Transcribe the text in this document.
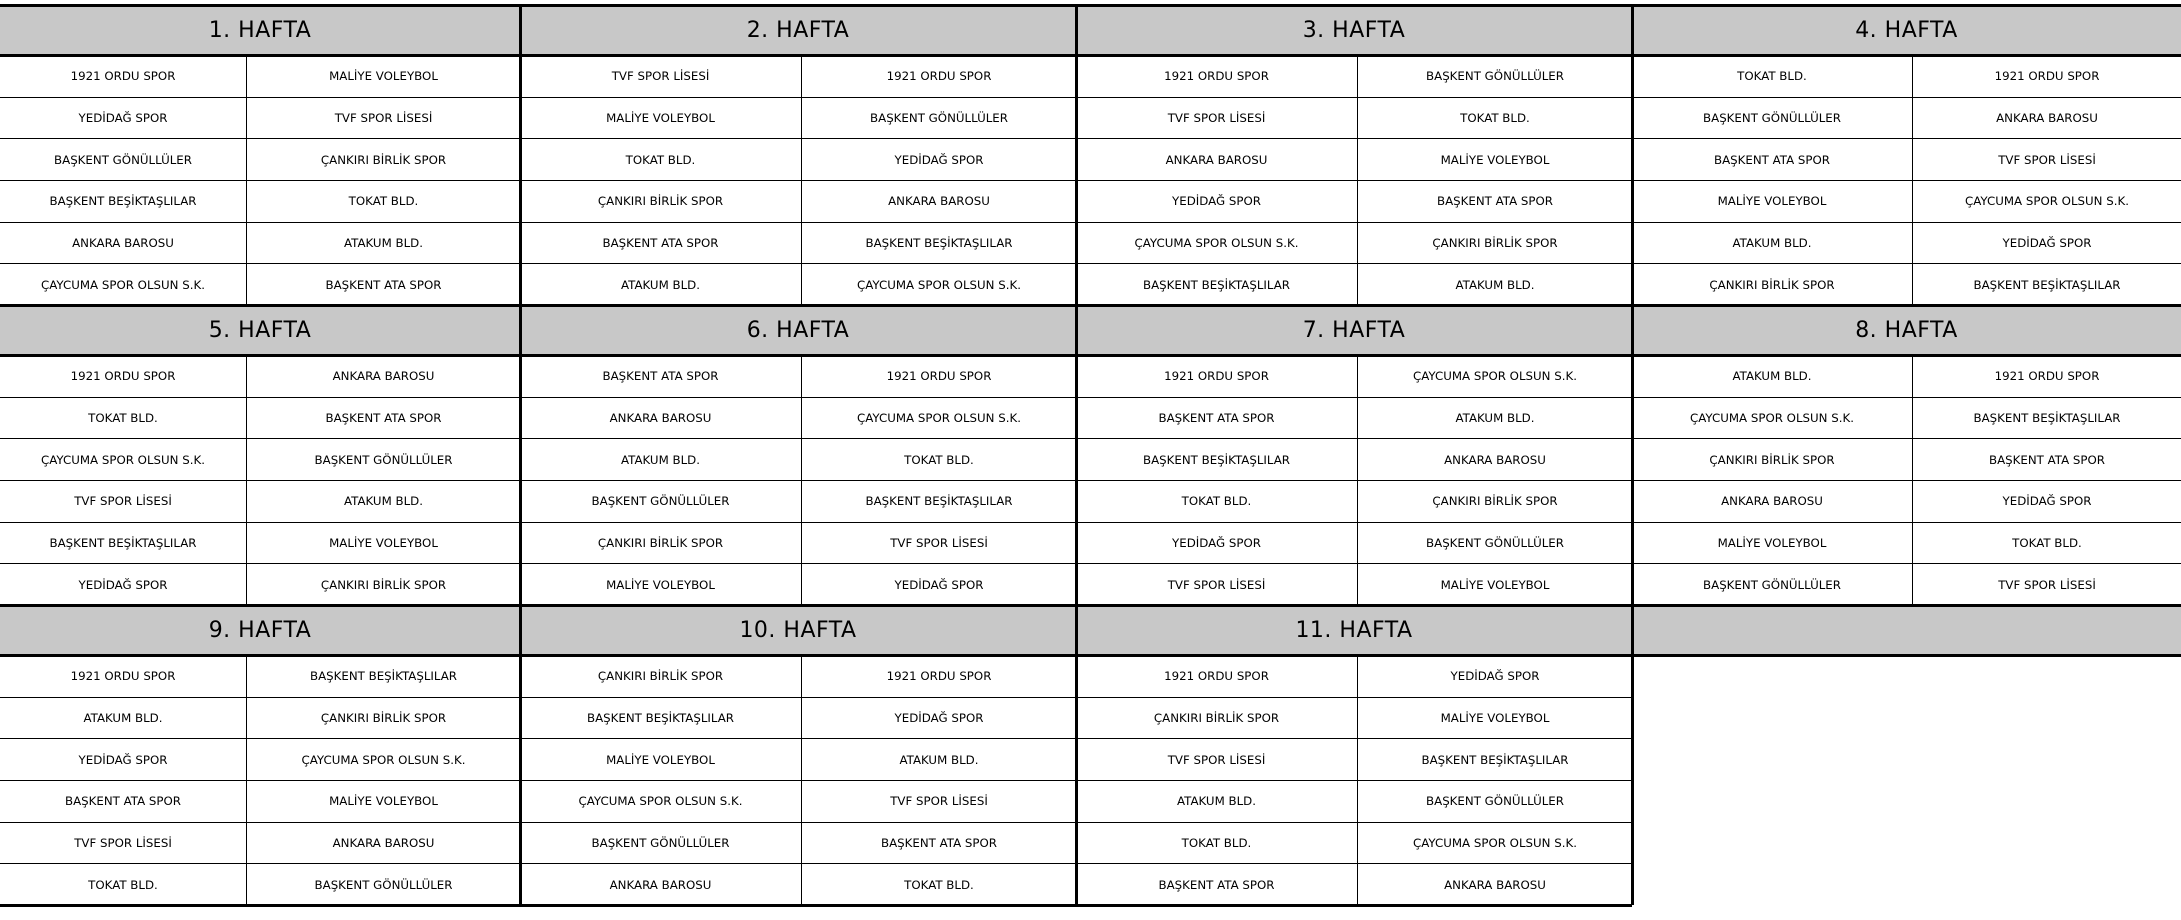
1. HAFTA
1921 ORDU SPOR	MALİYE VOLEYBOL
YEDİDAĞ SPOR	TVF SPOR LİSESİ
BAŞKENT GÖNÜLLÜLER	ÇANKIRI BİRLİK SPOR
BAŞKENT BEŞİKTAŞLILAR	TOKAT BLD.
ANKARA BAROSU	ATAKUM BLD.
ÇAYCUMA SPOR OLSUN S.K.	BAŞKENT ATA SPOR
2. HAFTA
TVF SPOR LİSESİ	1921 ORDU SPOR
MALİYE VOLEYBOL	BAŞKENT GÖNÜLLÜLER
TOKAT BLD.	YEDİDAĞ SPOR
ÇANKIRI BİRLİK SPOR	ANKARA BAROSU
BAŞKENT ATA SPOR	BAŞKENT BEŞİKTAŞLILAR
ATAKUM BLD.	ÇAYCUMA SPOR OLSUN S.K.
3. HAFTA
1921 ORDU SPOR	BAŞKENT GÖNÜLLÜLER
TVF SPOR LİSESİ	TOKAT BLD.
ANKARA BAROSU	MALİYE VOLEYBOL
YEDİDAĞ SPOR	BAŞKENT ATA SPOR
ÇAYCUMA SPOR OLSUN S.K.	ÇANKIRI BİRLİK SPOR
BAŞKENT BEŞİKTAŞLILAR	ATAKUM BLD.
4. HAFTA
TOKAT BLD.	1921 ORDU SPOR
BAŞKENT GÖNÜLLÜLER	ANKARA BAROSU
BAŞKENT ATA SPOR	TVF SPOR LİSESİ
MALİYE VOLEYBOL	ÇAYCUMA SPOR OLSUN S.K.
ATAKUM BLD.	YEDİDAĞ SPOR
ÇANKIRI BİRLİK SPOR	BAŞKENT BEŞİKTAŞLILAR
5. HAFTA
1921 ORDU SPOR	ANKARA BAROSU
TOKAT BLD.	BAŞKENT ATA SPOR
ÇAYCUMA SPOR OLSUN S.K.	BAŞKENT GÖNÜLLÜLER
TVF SPOR LİSESİ	ATAKUM BLD.
BAŞKENT BEŞİKTAŞLILAR	MALİYE VOLEYBOL
YEDİDAĞ SPOR	ÇANKIRI BİRLİK SPOR
6. HAFTA
BAŞKENT ATA SPOR	1921 ORDU SPOR
ANKARA BAROSU	ÇAYCUMA SPOR OLSUN S.K.
ATAKUM BLD.	TOKAT BLD.
BAŞKENT GÖNÜLLÜLER	BAŞKENT BEŞİKTAŞLILAR
ÇANKIRI BİRLİK SPOR	TVF SPOR LİSESİ
MALİYE VOLEYBOL	YEDİDAĞ SPOR
7. HAFTA
1921 ORDU SPOR	ÇAYCUMA SPOR OLSUN S.K.
BAŞKENT ATA SPOR	ATAKUM BLD.
BAŞKENT BEŞİKTAŞLILAR	ANKARA BAROSU
TOKAT BLD.	ÇANKIRI BİRLİK SPOR
YEDİDAĞ SPOR	BAŞKENT GÖNÜLLÜLER
TVF SPOR LİSESİ	MALİYE VOLEYBOL
8. HAFTA
ATAKUM BLD.	1921 ORDU SPOR
ÇAYCUMA SPOR OLSUN S.K.	BAŞKENT BEŞİKTAŞLILAR
ÇANKIRI BİRLİK SPOR	BAŞKENT ATA SPOR
ANKARA BAROSU	YEDİDAĞ SPOR
MALİYE VOLEYBOL	TOKAT BLD.
BAŞKENT GÖNÜLLÜLER	TVF SPOR LİSESİ
9. HAFTA
1921 ORDU SPOR	BAŞKENT BEŞİKTAŞLILAR
ATAKUM BLD.	ÇANKIRI BİRLİK SPOR
YEDİDAĞ SPOR	ÇAYCUMA SPOR OLSUN S.K.
BAŞKENT ATA SPOR	MALİYE VOLEYBOL
TVF SPOR LİSESİ	ANKARA BAROSU
TOKAT BLD.	BAŞKENT GÖNÜLLÜLER
10. HAFTA
ÇANKIRI BİRLİK SPOR	1921 ORDU SPOR
BAŞKENT BEŞİKTAŞLILAR	YEDİDAĞ SPOR
MALİYE VOLEYBOL	ATAKUM BLD.
ÇAYCUMA SPOR OLSUN S.K.	TVF SPOR LİSESİ
BAŞKENT GÖNÜLLÜLER	BAŞKENT ATA SPOR
ANKARA BAROSU	TOKAT BLD.
11. HAFTA
1921 ORDU SPOR	YEDİDAĞ SPOR
ÇANKIRI BİRLİK SPOR	MALİYE VOLEYBOL
TVF SPOR LİSESİ	BAŞKENT BEŞİKTAŞLILAR
ATAKUM BLD.	BAŞKENT GÖNÜLLÜLER
TOKAT BLD.	ÇAYCUMA SPOR OLSUN S.K.
BAŞKENT ATA SPOR	ANKARA BAROSU
